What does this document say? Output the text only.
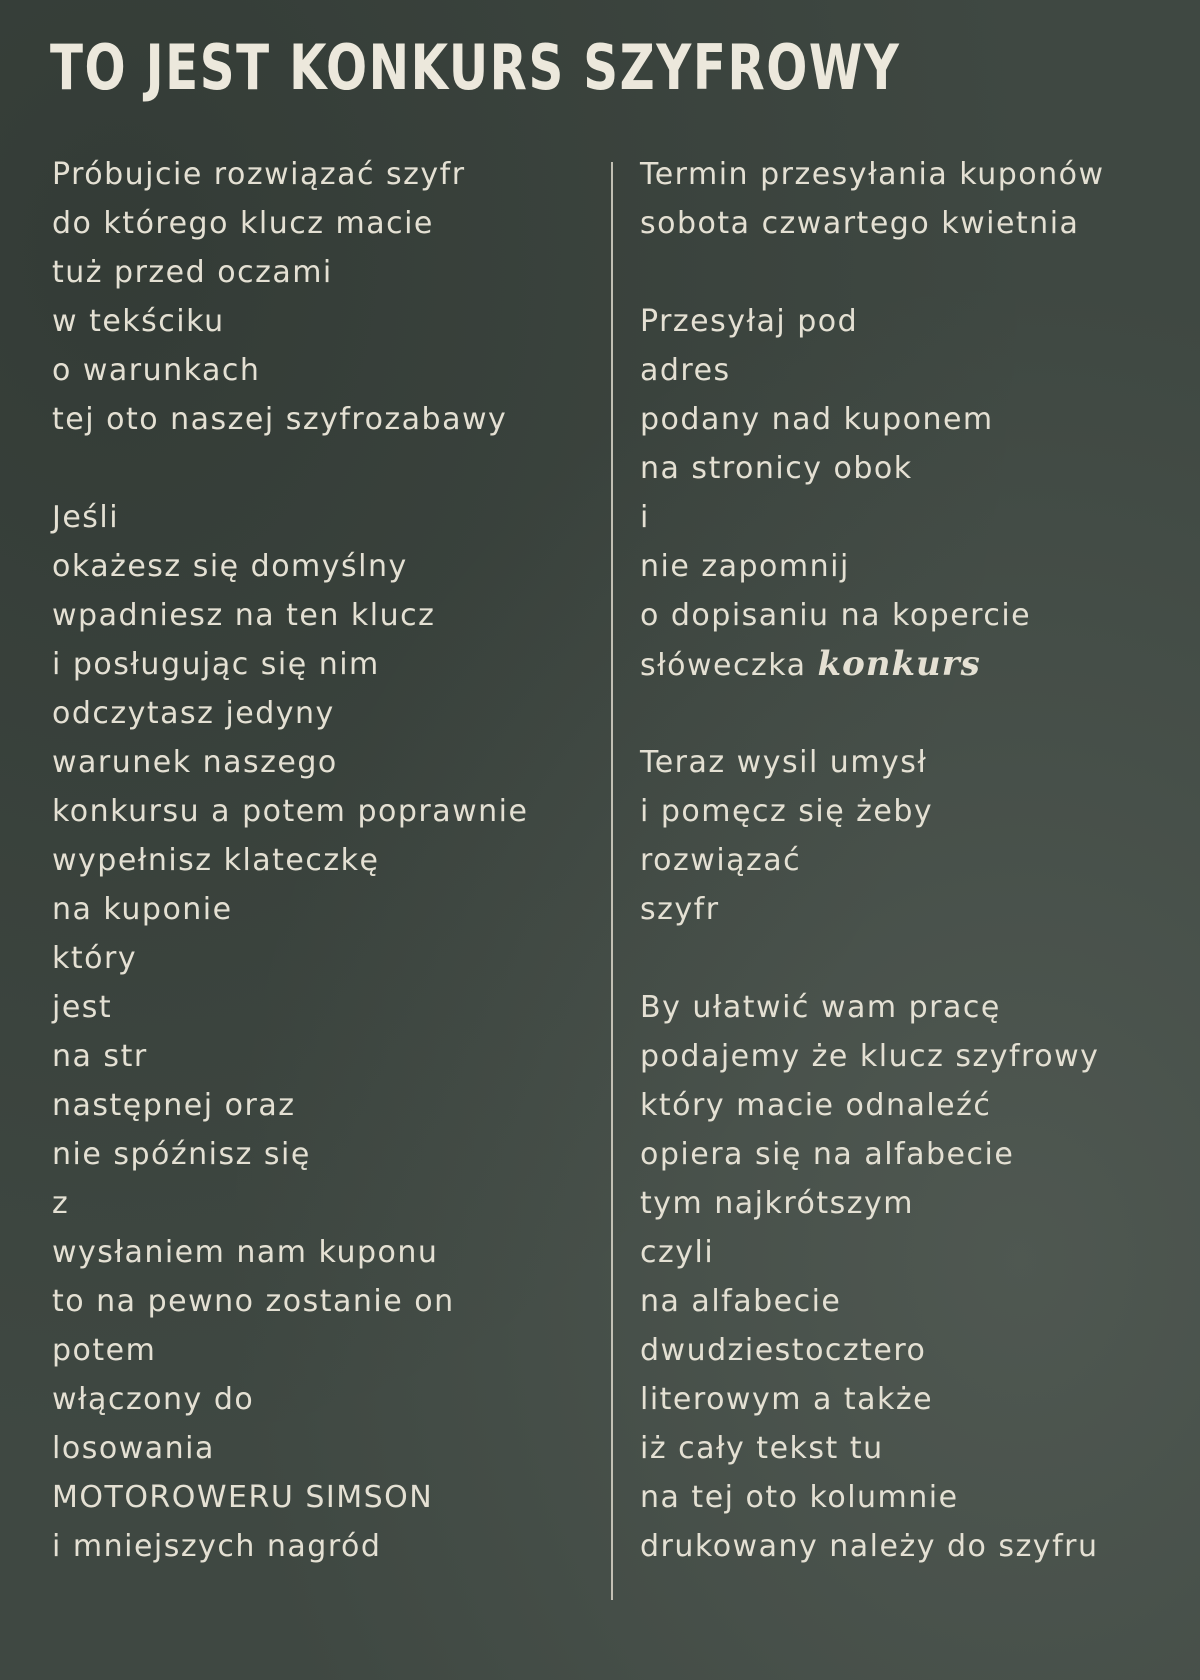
TO JEST KONKURS SZYFROWY
Próbujcie rozwiązać szyfr
do którego klucz macie
tuż przed oczami
w tekściku
o warunkach
tej oto naszej szyfrozabawy
Jeśli
okażesz się domyślny
wpadniesz na ten klucz
i posługując się nim
odczytasz jedyny
warunek naszego
konkursu a potem poprawnie
wypełnisz klateczkę
na kuponie
który
jest
na str
następnej oraz
nie spóźnisz się
z
wysłaniem nam kuponu
to na pewno zostanie on
potem
włączony do
losowania
MOTOROWERU SIMSON
i mniejszych nagród
Termin przesyłania kuponów
sobota czwartego kwietnia
Przesyłaj pod
adres
podany nad kuponem
na stronicy obok
i
nie zapomnij
o dopisaniu na kopercie
słóweczka konkurs
Teraz wysil umysł
i pomęcz się żeby
rozwiązać
szyfr
By ułatwić wam pracę
podajemy że klucz szyfrowy
który macie odnaleźć
opiera się na alfabecie
tym najkrótszym
czyli
na alfabecie
dwudziestocztero
literowym a także
iż cały tekst tu
na tej oto kolumnie
drukowany należy do szyfru
